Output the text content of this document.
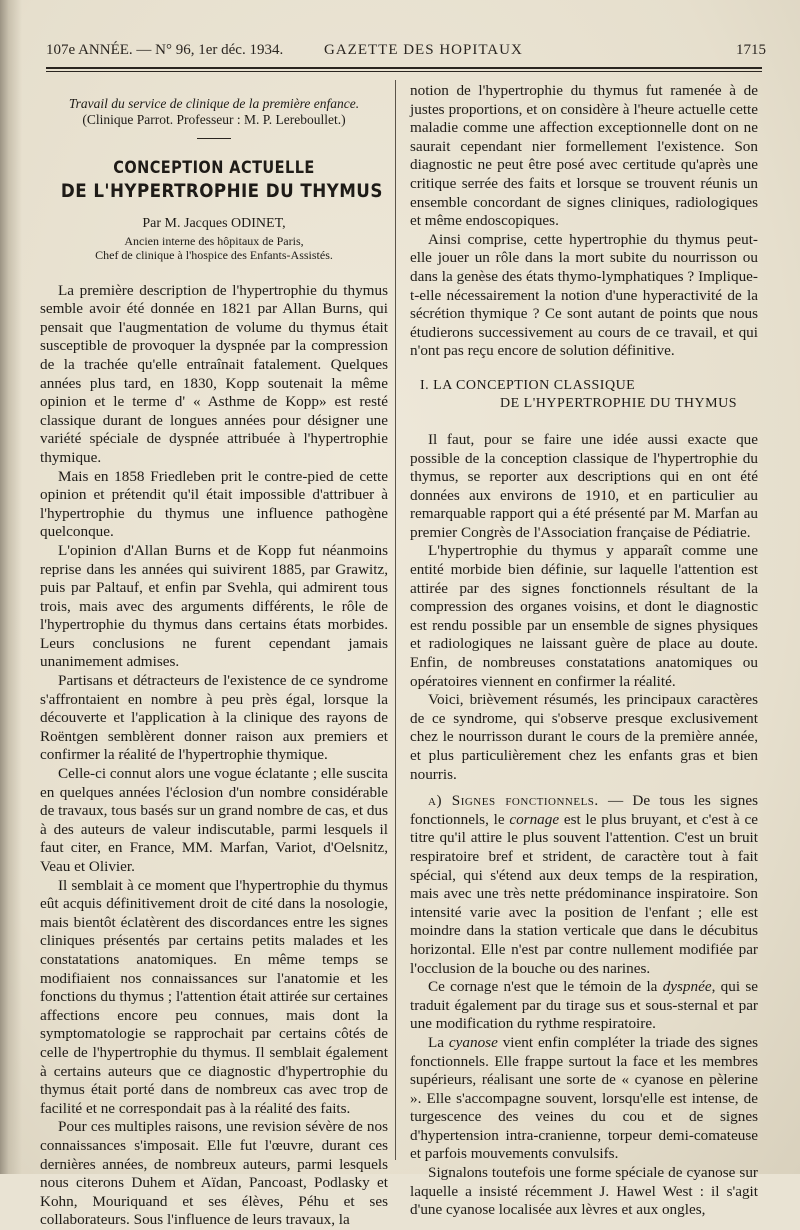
107e ANNÉE. — N° 96, 1er déc. 1934.	GAZETTE DES HOPITAUX	1715
Travail du service de clinique de la première enfance.
(Clinique Parrot. Professeur : M. P. Lereboullet.)
CONCEPTION ACTUELLE
DE L'HYPERTROPHIE DU THYMUS
Par M. Jacques ODINET,
Ancien interne des hôpitaux de Paris,
Chef de clinique à l'hospice des Enfants-Assistés.

La première description de l'hypertrophie du thymus semble avoir été donnée en 1821 par Allan Burns, qui pensait que l'augmentation de volume du thymus était susceptible de provoquer la dyspnée par la compression de la trachée qu'elle entraînait fatalement. Quelques années plus tard, en 1830, Kopp soutenait la même opinion et le terme d' « Asthme de Kopp» est resté classique durant de longues années pour désigner une variété spéciale de dyspnée attribuée à l'hypertrophie thymique.

Mais en 1858 Friedleben prit le contre-pied de cette opinion et prétendit qu'il était impossible d'attribuer à l'hypertrophie du thymus une influence pathogène quelconque.

L'opinion d'Allan Burns et de Kopp fut néanmoins reprise dans les années qui suivirent 1885, par Grawitz, puis par Paltauf, et enfin par Svehla, qui admirent tous trois, mais avec des arguments différents, le rôle de l'hypertrophie du thymus dans certains états morbides. Leurs conclusions ne furent cependant jamais unanimement admises.

Partisans et détracteurs de l'existence de ce syndrome s'affrontaient en nombre à peu près égal, lorsque la découverte et l'application à la clinique des rayons de Roëntgen semblèrent donner raison aux premiers et confirmer la réalité de l'hypertrophie thymique.

Celle-ci connut alors une vogue éclatante ; elle suscita en quelques années l'éclosion d'un nombre considérable de travaux, tous basés sur un grand nombre de cas, et dus à des auteurs de valeur indiscutable, parmi lesquels il faut citer, en France, MM. Marfan, Variot, d'Oelsnitz, Veau et Olivier.

Il semblait à ce moment que l'hypertrophie du thymus eût acquis définitivement droit de cité dans la nosologie, mais bientôt éclatèrent des discordances entre les signes cliniques présentés par certains petits malades et les constatations anatomiques. En même temps se modifiaient nos connaissances sur l'anatomie et les fonctions du thymus ; l'attention était attirée sur certaines affections encore peu connues, mais dont la symptomatologie se rapprochait par certains côtés de celle de l'hypertrophie du thymus. Il semblait également à certains auteurs que ce diagnostic d'hypertrophie du thymus était porté dans de nombreux cas avec trop de facilité et ne correspondait pas à la réalité des faits.

Pour ces multiples raisons, une revision sévère de nos connaissances s'imposait. Elle fut l'œuvre, durant ces dernières années, de nombreux auteurs, parmi lesquels nous citerons Duhem et Aïdan, Pancoast, Podlasky et Kohn, Mouriquand et ses élèves, Péhu et ses collaborateurs. Sous l'influence de leurs travaux, la

notion de l'hypertrophie du thymus fut ramenée à de justes proportions, et on considère à l'heure actuelle cette maladie comme une affection exceptionnelle dont on ne saurait cependant nier formellement l'existence. Son diagnostic ne peut être posé avec certitude qu'après une critique serrée des faits et lorsque se trouvent réunis un ensemble concordant de signes cliniques, radiologiques et même endoscopiques.

Ainsi comprise, cette hypertrophie du thymus peut-elle jouer un rôle dans la mort subite du nourrisson ou dans la genèse des états thymo-lymphatiques ? Implique-t-elle nécessairement la notion d'une hyperactivité de la sécrétion thymique ? Ce sont autant de points que nous étudierons successivement au cours de ce travail, et qui n'ont pas reçu encore de solution définitive.

I. LA CONCEPTION CLASSIQUE
DE L'HYPERTROPHIE DU THYMUS

Il faut, pour se faire une idée aussi exacte que possible de la conception classique de l'hypertrophie du thymus, se reporter aux descriptions qui en ont été données aux environs de 1910, et en particulier au remarquable rapport qui a été présenté par M. Marfan au premier Congrès de l'Association française de Pédiatrie.

L'hypertrophie du thymus y apparaît comme une entité morbide bien définie, sur laquelle l'attention est attirée par des signes fonctionnels résultant de la compression des organes voisins, et dont le diagnostic est rendu possible par un ensemble de signes physiques et radiologiques ne laissant guère de place au doute. Enfin, de nombreuses constatations anatomiques ou opératoires viennent en confirmer la réalité.

Voici, brièvement résumés, les principaux caractères de ce syndrome, qui s'observe presque exclusivement chez le nourrisson durant le cours de la première année, et plus particulièrement chez les enfants gras et bien nourris.

a) Signes fonctionnels. — De tous les signes fonctionnels, le cornage est le plus bruyant, et c'est à ce titre qu'il attire le plus souvent l'attention. C'est un bruit respiratoire bref et strident, de caractère tout à fait spécial, qui s'étend aux deux temps de la respiration, mais avec une très nette prédominance inspiratoire. Son intensité varie avec la position de l'enfant ; elle est moindre dans la station verticale que dans le décubitus horizontal. Elle n'est par contre nullement modifiée par l'occlusion de la bouche ou des narines.

Ce cornage n'est que le témoin de la dyspnée, qui se traduit également par du tirage sus et sous-sternal et par une modification du rythme respiratoire.

La cyanose vient enfin compléter la triade des signes fonctionnels. Elle frappe surtout la face et les membres supérieurs, réalisant une sorte de « cyanose en pèlerine ». Elle s'accompagne souvent, lorsqu'elle est intense, de turgescence des veines du cou et de signes d'hypertension intra-cranienne, torpeur demi-comateuse et parfois mouvements convulsifs.

Signalons toutefois une forme spéciale de cyanose sur laquelle a insisté récemment J. Hawel West : il s'agit d'une cyanose localisée aux lèvres et aux ongles,
